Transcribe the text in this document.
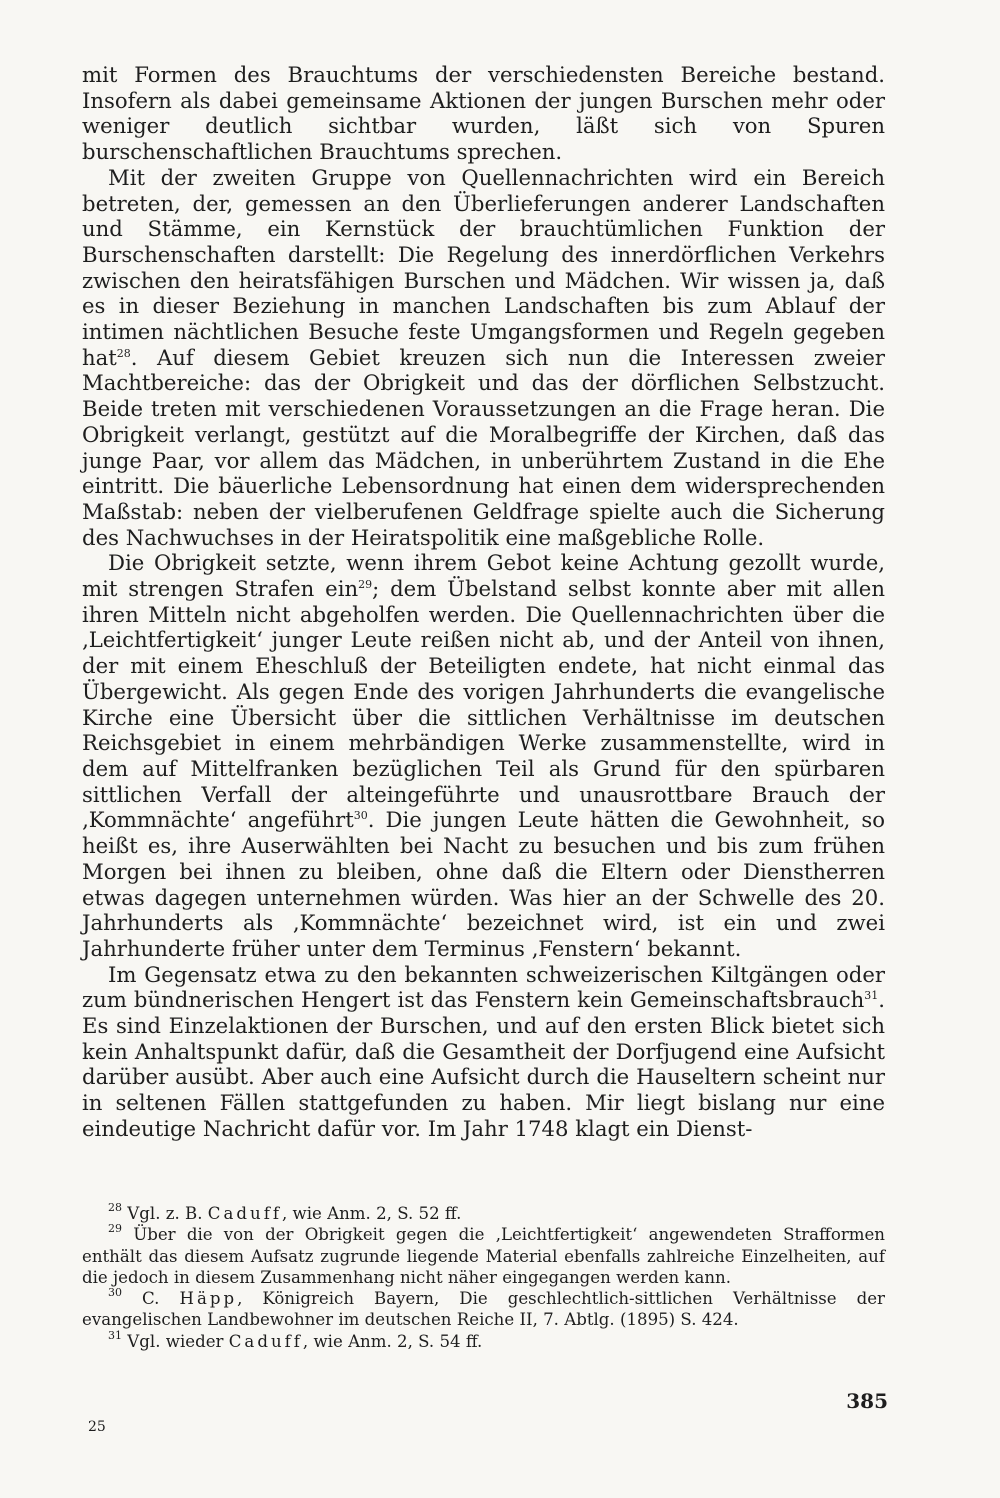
mit Formen des Brauchtums der verschiedensten Bereiche bestand. Insofern als dabei gemeinsame Aktionen der jungen Burschen mehr oder weniger deutlich sichtbar wurden, läßt sich von Spuren burschenschaftlichen Brauchtums sprechen.

Mit der zweiten Gruppe von Quellennachrichten wird ein Bereich betreten, der, gemessen an den Überlieferungen anderer Landschaften und Stämme, ein Kernstück der brauchtümlichen Funktion der Burschenschaften darstellt: Die Regelung des innerdörflichen Verkehrs zwischen den heiratsfähigen Burschen und Mädchen. Wir wissen ja, daß es in dieser Beziehung in manchen Landschaften bis zum Ablauf der intimen nächtlichen Besuche feste Umgangsformen und Regeln gegeben hat$^{28}$. Auf diesem Gebiet kreuzen sich nun die Interessen zweier Machtbereiche: das der Obrigkeit und das der dörflichen Selbstzucht. Beide treten mit verschiedenen Voraussetzungen an die Frage heran. Die Obrigkeit verlangt, gestützt auf die Moralbegriffe der Kirchen, daß das junge Paar, vor allem das Mädchen, in unberührtem Zustand in die Ehe eintritt. Die bäuerliche Lebensordnung hat einen dem widersprechenden Maßstab: neben der vielberufenen Geldfrage spielte auch die Sicherung des Nachwuchses in der Heiratspolitik eine maßgebliche Rolle.

Die Obrigkeit setzte, wenn ihrem Gebot keine Achtung gezollt wurde, mit strengen Strafen ein$^{29}$; dem Übelstand selbst konnte aber mit allen ihren Mitteln nicht abgeholfen werden. Die Quellennachrichten über die ‚Leichtfertigkeit‘ junger Leute reißen nicht ab, und der Anteil von ihnen, der mit einem Eheschluß der Beteiligten endete, hat nicht einmal das Übergewicht. Als gegen Ende des vorigen Jahrhunderts die evangelische Kirche eine Übersicht über die sittlichen Verhältnisse im deutschen Reichsgebiet in einem mehrbändigen Werke zusammenstellte, wird in dem auf Mittelfranken bezüglichen Teil als Grund für den spürbaren sittlichen Verfall der alteingeführte und unausrottbare Brauch der ‚Kommnächte‘ angeführt$^{30}$. Die jungen Leute hätten die Gewohnheit, so heißt es, ihre Auserwählten bei Nacht zu besuchen und bis zum frühen Morgen bei ihnen zu bleiben, ohne daß die Eltern oder Dienstherren etwas dagegen unternehmen würden. Was hier an der Schwelle des 20. Jahrhunderts als ‚Kommnächte‘ bezeichnet wird, ist ein und zwei Jahrhunderte früher unter dem Terminus ‚Fenstern‘ bekannt.

Im Gegensatz etwa zu den bekannten schweizerischen Kiltgängen oder zum bündnerischen Hengert ist das Fenstern kein Gemeinschaftsbrauch$^{31}$. Es sind Einzelaktionen der Burschen, und auf den ersten Blick bietet sich kein Anhaltspunkt dafür, daß die Gesamtheit der Dorfjugend eine Aufsicht darüber ausübt. Aber auch eine Aufsicht durch die Hauseltern scheint nur in seltenen Fällen stattgefunden zu haben. Mir liegt bislang nur eine eindeutige Nachricht dafür vor. Im Jahr 1748 klagt ein Dienst-

$^{28}$ Vgl. z. B. Caduff, wie Anm. 2, S. 52 ff.

$^{29}$ Über die von der Obrigkeit gegen die ‚Leichtfertigkeit‘ angewendeten Strafformen enthält das diesem Aufsatz zugrunde liegende Material ebenfalls zahlreiche Einzelheiten, auf die jedoch in diesem Zusammenhang nicht näher eingegangen werden kann.

$^{30}$ C. Häpp, Königreich Bayern, Die geschlechtlich-sittlichen Verhältnisse der evangelischen Landbewohner im deutschen Reiche II, 7. Abtlg. (1895) S. 424.

$^{31}$ Vgl. wieder Caduff, wie Anm. 2, S. 54 ff.

385
25
